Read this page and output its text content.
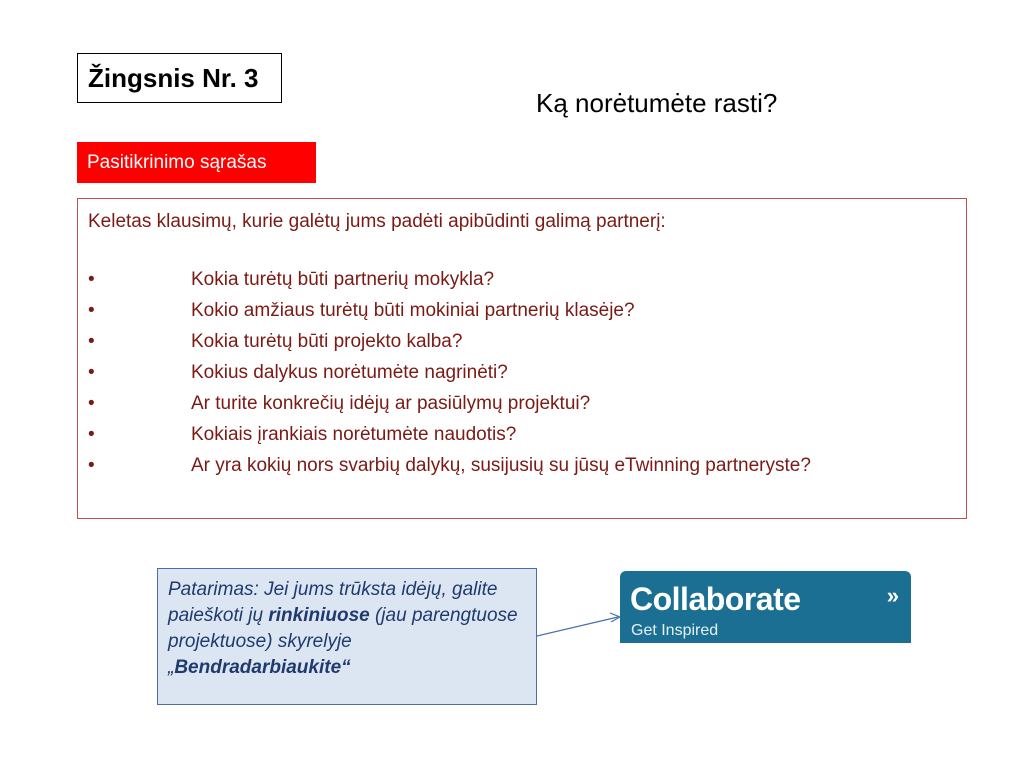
Žingsnis Nr. 3
Ką norėtumėte rasti?
Pasitikrinimo sąrašas

Keletas klausimų, kurie galėtų jums padėti apibūdinti galimą partnerį:

•	Kokia turėtų būti partnerių mokykla?
•	Kokio amžiaus turėtų būti mokiniai partnerių klasėje?
•	Kokia turėtų būti projekto kalba?
•	Kokius dalykus norėtumėte nagrinėti?
•	Ar turite konkrečių idėjų ar pasiūlymų projektui?
•	Kokiais įrankiais norėtumėte naudotis?
•	Ar yra kokių nors svarbių dalykų, susijusių su jūsų eTwinning partneryste?
Patarimas: Jei jums trūksta idėjų, galite paieškoti jų rinkiniuose (jau parengtuose projektuose) skyrelyje „Bendradarbiaukite“
Collaborate	»
Get Inspired
